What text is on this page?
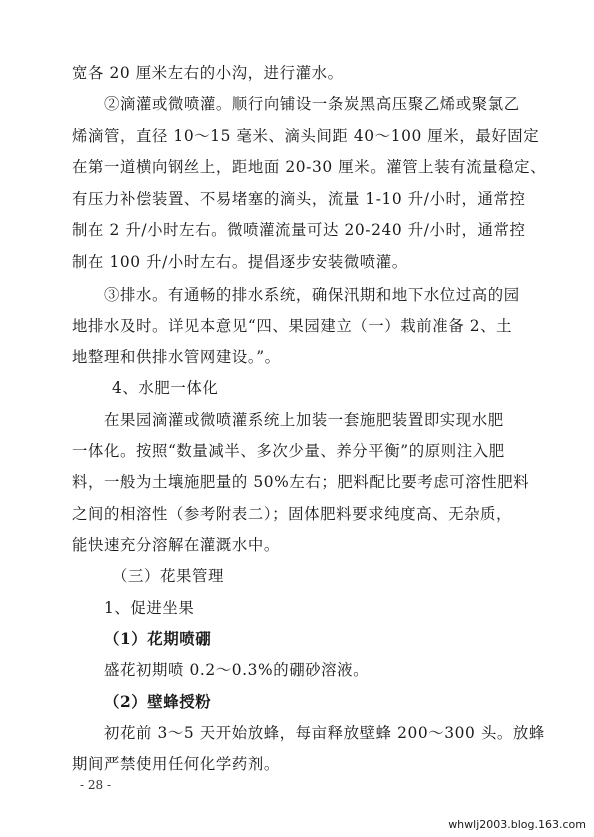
宽各 20 厘米左右的小沟，进行灌水。
②滴灌或微喷灌。顺行向铺设一条炭黑高压聚乙烯或聚氯乙
烯滴管，直径 10～15 毫米、滴头间距 40～100 厘米，最好固定
在第一道横向钢丝上，距地面 20-30 厘米。灌管上装有流量稳定、
有压力补偿装置、不易堵塞的滴头，流量 1-10 升/小时，通常控
制在 2 升/小时左右。微喷灌流量可达 20-240 升/小时，通常控
制在 100 升/小时左右。提倡逐步安装微喷灌。
③排水。有通畅的排水系统，确保汛期和地下水位过高的园
地排水及时。详见本意见“四、果园建立（一）栽前准备 2、土
地整理和供排水管网建设。”。
4、水肥一体化
在果园滴灌或微喷灌系统上加装一套施肥装置即实现水肥
一体化。按照“数量减半、多次少量、养分平衡”的原则注入肥
料，一般为土壤施肥量的 50%左右；肥料配比要考虑可溶性肥料
之间的相溶性（参考附表二）；固体肥料要求纯度高、无杂质，
能快速充分溶解在灌溉水中。
（三）花果管理
1、促进坐果
（1）花期喷硼
盛花初期喷 0.2～0.3%的硼砂溶液。
（2）壁蜂授粉
初花前 3～5 天开始放蜂，每亩释放壁蜂 200～300 头。放蜂
期间严禁使用任何化学药剂。
- 28 -
whwlj2003.blog.163.com
